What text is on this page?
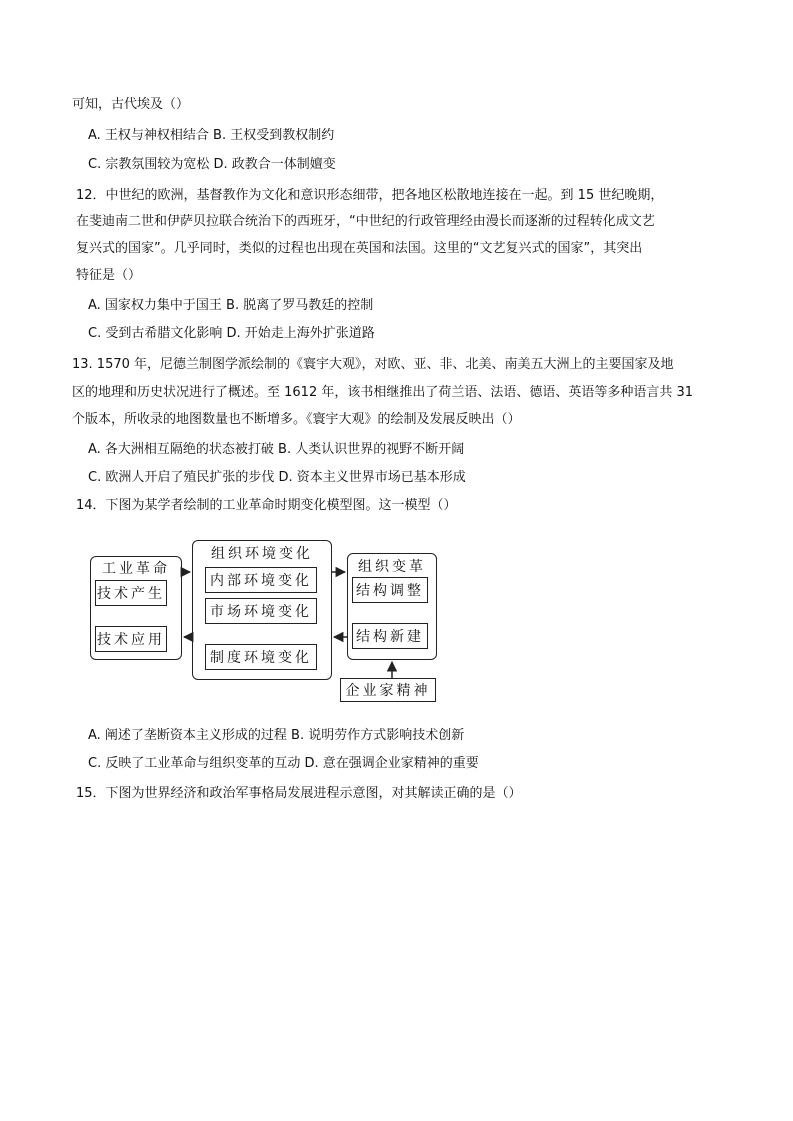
可知，古代埃及（）
A. 王权与神权相结合 B. 王权受到教权制约
C. 宗教氛围较为宽松 D. 政教合一体制嬗变
12．中世纪的欧洲，基督教作为文化和意识形态细带，把各地区松散地连接在一起。到 15 世纪晚期，
在斐迪南二世和伊萨贝拉联合统治下的西班牙，“中世纪的行政管理经由漫长而逐渐的过程转化成文艺
复兴式的国家”。几乎同时，类似的过程也出现在英国和法国。这里的“文艺复兴式的国家”，其突出
特征是（）
A. 国家权力集中于国王 B. 脱离了罗马教廷的控制
C. 受到古希腊文化影响 D. 开始走上海外扩张道路
13. 1570 年，尼德兰制图学派绘制的《寰宇大观》，对欧、亚、非、北美、南美五大洲上的主要国家及地
区的地理和历史状况进行了概述。至 1612 年，该书相继推出了荷兰语、法语、德语、英语等多种语言共 31
个版本，所收录的地图数量也不断增多。《寰宇大观》的绘制及发展反映出（）
A. 各大洲相互隔绝的状态被打破 B. 人类认识世界的视野不断开阔
C. 欧洲人开启了殖民扩张的步伐 D. 资本主义世界市场已基本形成
14．下图为某学者绘制的工业革命时期变化模型图。这一模型（）
工业革命
技术产生
技术应用
组织环境变化
内部环境变化
市场环境变化
制度环境变化
组织变革
结构调整
结构新建
企业家精神
A. 阐述了垄断资本主义形成的过程 B. 说明劳作方式影响技术创新
C. 反映了工业革命与组织变革的互动 D. 意在强调企业家精神的重要
15．下图为世界经济和政治军事格局发展进程示意图，对其解读正确的是（）
